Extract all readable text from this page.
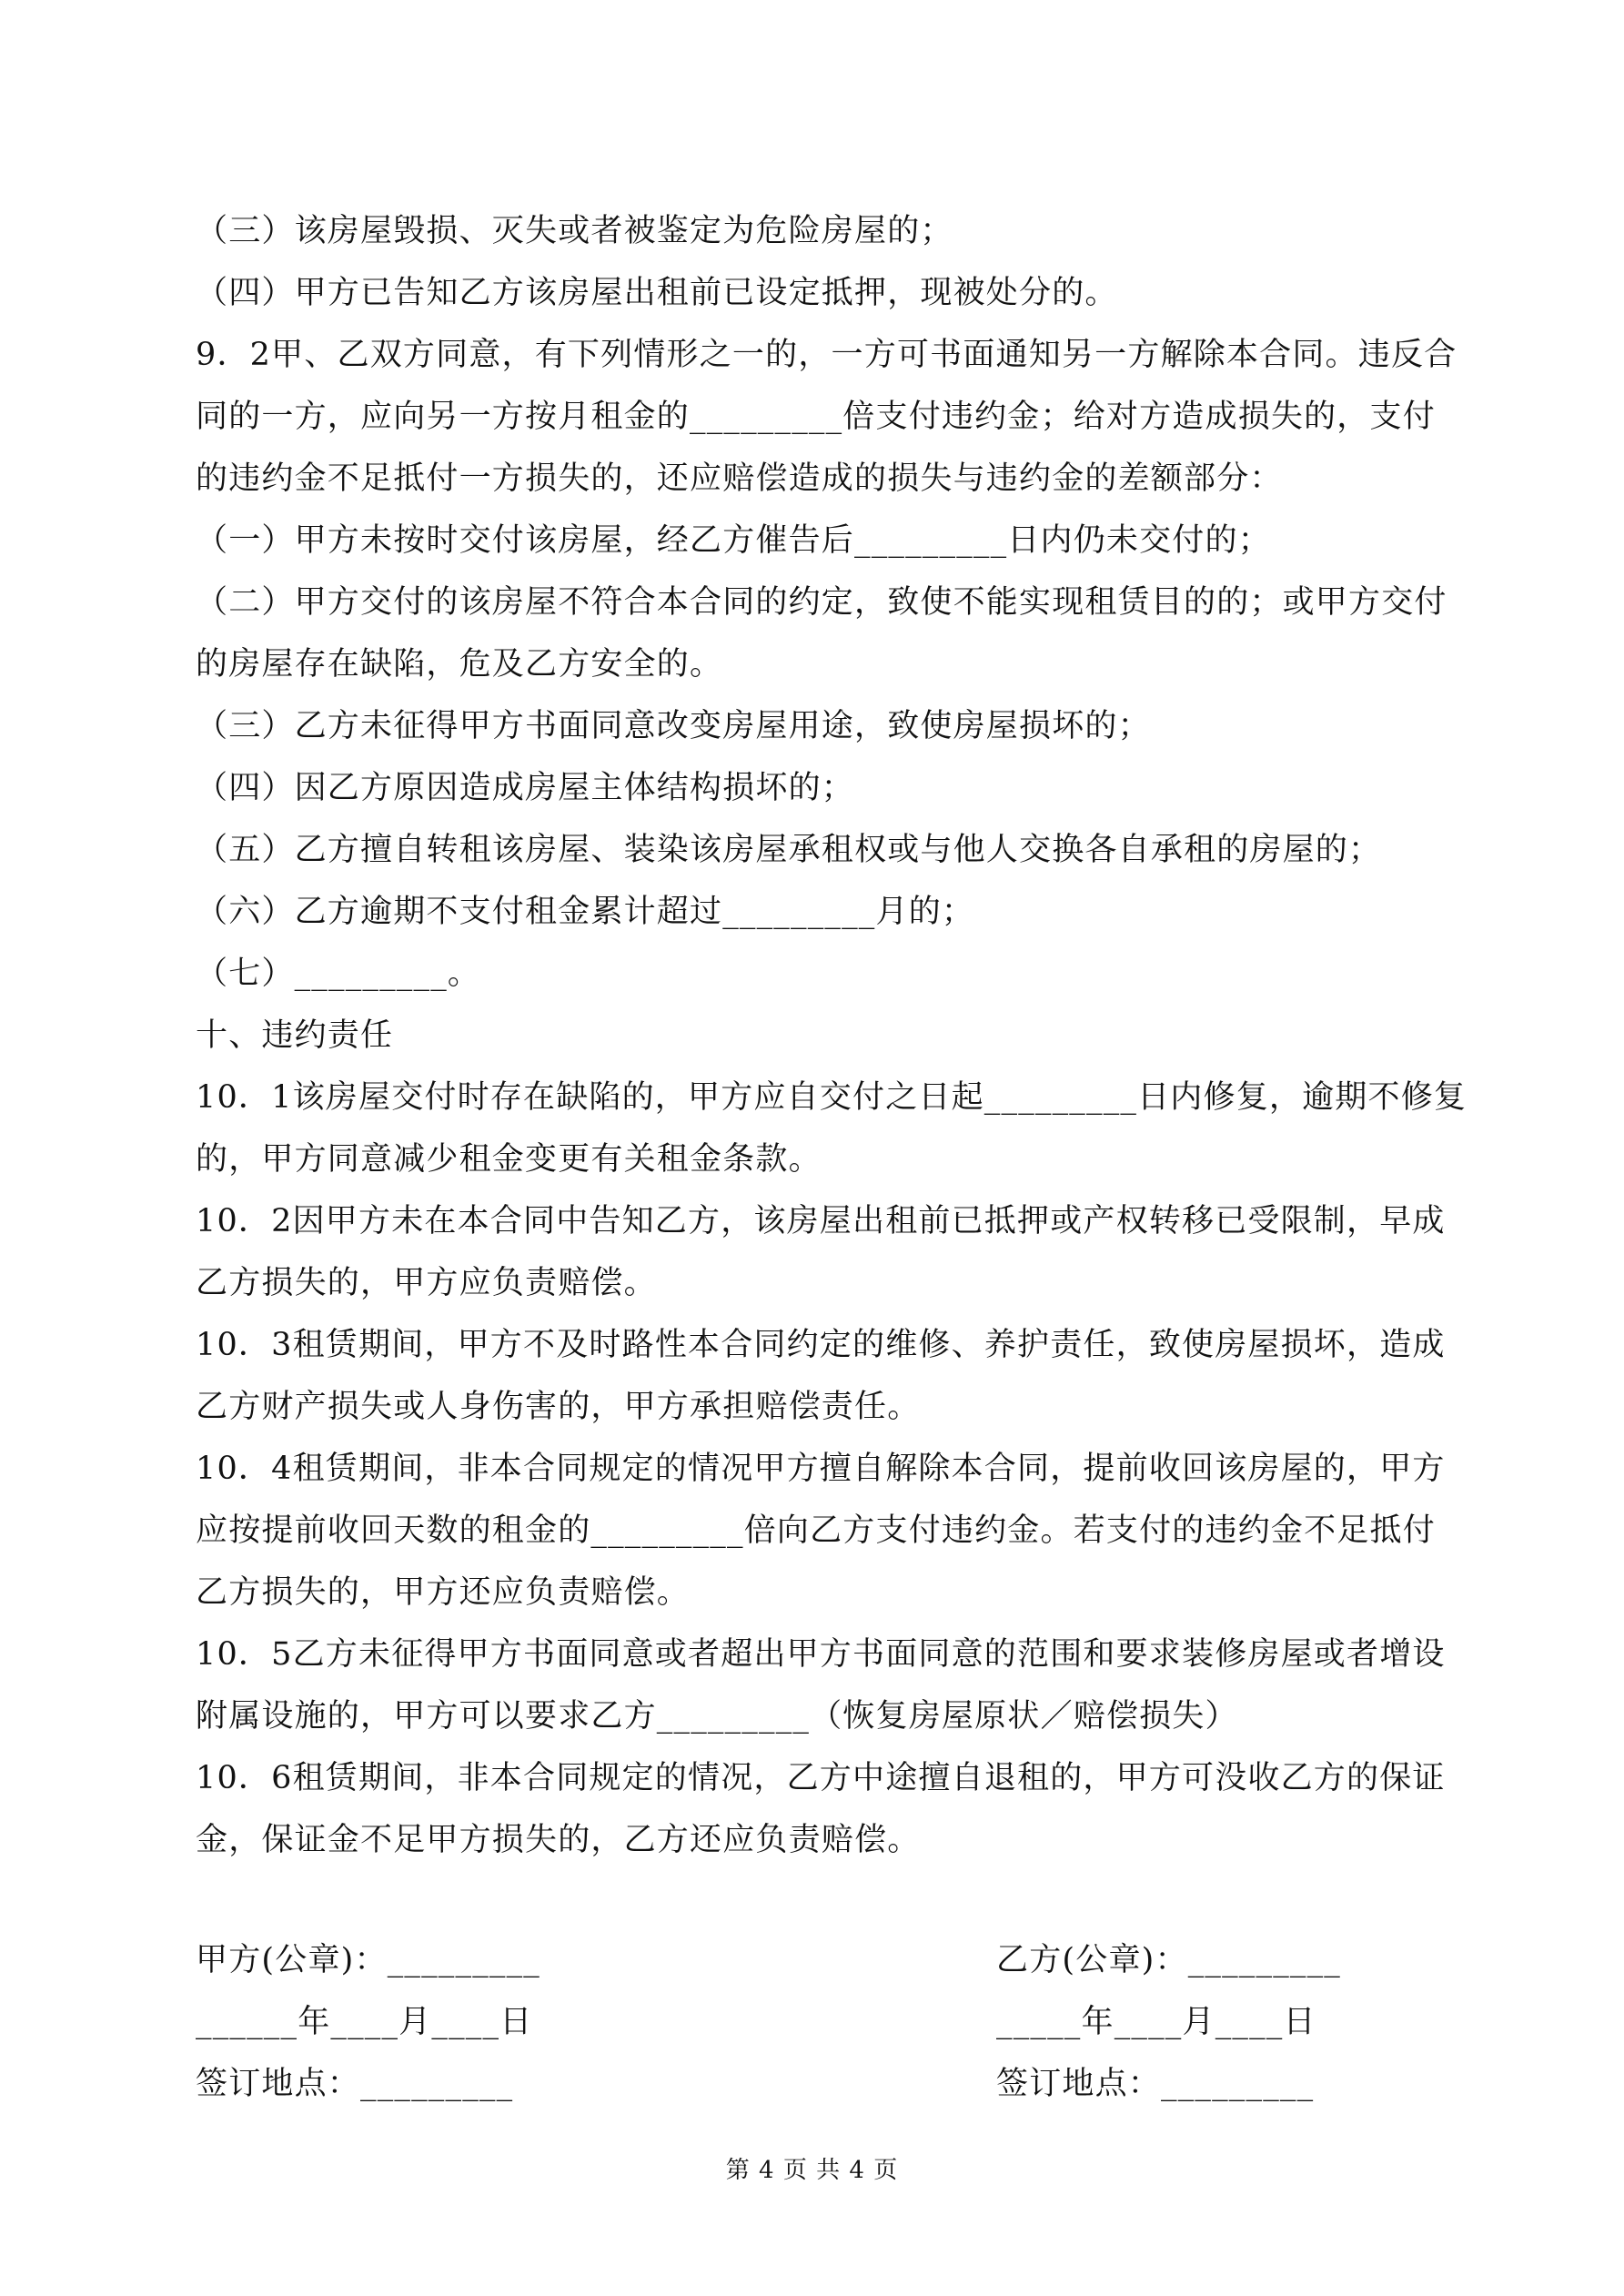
（三）该房屋毁损、灭失或者被鉴定为危险房屋的；
（四）甲方已告知乙方该房屋出租前已设定抵押，现被处分的。
9．2甲、乙双方同意，有下列情形之一的，一方可书面通知另一方解除本合同。违反合
同的一方，应向另一方按月租金的_________倍支付违约金；给对方造成损失的，支付
的违约金不足抵付一方损失的，还应赔偿造成的损失与违约金的差额部分：
（一）甲方未按时交付该房屋，经乙方催告后_________日内仍未交付的；
（二）甲方交付的该房屋不符合本合同的约定，致使不能实现租赁目的的；或甲方交付
的房屋存在缺陷，危及乙方安全的。
（三）乙方未征得甲方书面同意改变房屋用途，致使房屋损坏的；
（四）因乙方原因造成房屋主体结构损坏的；
（五）乙方擅自转租该房屋、装染该房屋承租权或与他人交换各自承租的房屋的；
（六）乙方逾期不支付租金累计超过_________月的；
（七）_________。
十、违约责任
10．1该房屋交付时存在缺陷的，甲方应自交付之日起_________日内修复，逾期不修复
的，甲方同意减少租金变更有关租金条款。
10．2因甲方未在本合同中告知乙方，该房屋出租前已抵押或产权转移已受限制，早成
乙方损失的，甲方应负责赔偿。
10．3租赁期间，甲方不及时路性本合同约定的维修、养护责任，致使房屋损坏，造成
乙方财产损失或人身伤害的，甲方承担赔偿责任。
10．4租赁期间，非本合同规定的情况甲方擅自解除本合同，提前收回该房屋的，甲方
应按提前收回天数的租金的_________倍向乙方支付违约金。若支付的违约金不足抵付
乙方损失的，甲方还应负责赔偿。
10．5乙方未征得甲方书面同意或者超出甲方书面同意的范围和要求装修房屋或者增设
附属设施的，甲方可以要求乙方_________（恢复房屋原状／赔偿损失）
10．6租赁期间，非本合同规定的情况，乙方中途擅自退租的，甲方可没收乙方的保证
金，保证金不足甲方损失的，乙方还应负责赔偿。
甲方(公章)：_________	乙方(公章)：_________
______年____月____日	_____年____月____日
签订地点：_________	签订地点：_________
第 4 页 共 4 页
